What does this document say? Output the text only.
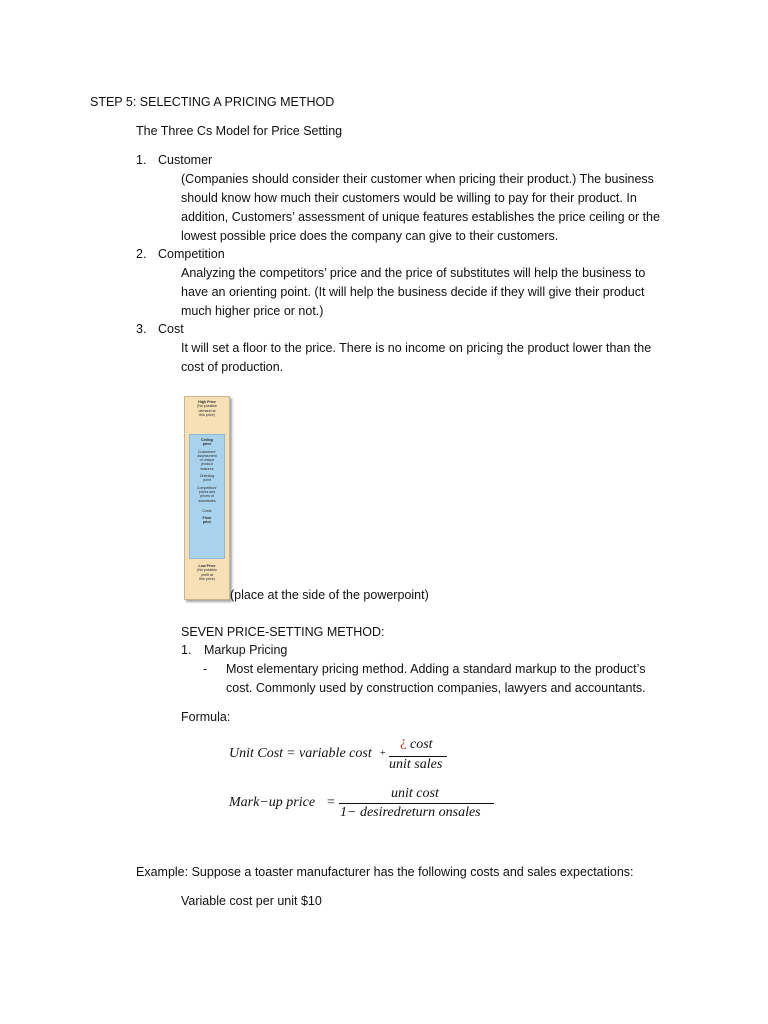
STEP 5: SELECTING A PRICING METHOD
The Three Cs Model for Price Setting
1. Customer
(Companies should consider their customer when pricing their product.) The business
should know how much their customers would be willing to pay for their product. In
addition, Customers’ assessment of unique features establishes the price ceiling or the
lowest possible price does the company can give to their customers.
2. Competition
Analyzing the competitors’ price and the price of substitutes will help the business to
have an orienting point. (It will help the business decide if they will give their product
much higher price or not.)
3. Cost
It will set a floor to the price. There is no income on pricing the product lower than the
cost of production.
High Price
(No possible
demand at
this price)
Ceiling
price
Customers’
assessment
of unique
product
features
Orienting
point
Competitors’
prices and
prices of
substitutes
Costs
Floor
price
Low Price
(No possible
profit at
this price)
(place at the side of the powerpoint)
SEVEN PRICE-SETTING METHOD:
1. Markup Pricing
- Most elementary pricing method. Adding a standard markup to the product’s
cost. Commonly used by construction companies, lawyers and accountants.
Formula:
Unit Cost = variable cost +
¿ cost
unit sales
Mark−up price =
unit cost
1− desiredreturn onsales
Example: Suppose a toaster manufacturer has the following costs and sales expectations:
Variable cost per unit $10
